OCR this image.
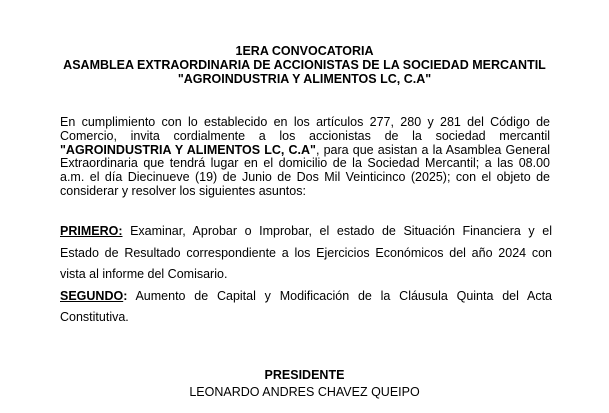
1ERA CONVOCATORIA
ASAMBLEA EXTRAORDINARIA DE ACCIONISTAS DE LA SOCIEDAD MERCANTIL
"AGROINDUSTRIA Y ALIMENTOS LC, C.A"
En cumplimiento con lo establecido en los artículos 277, 280 y 281 del Código de
Comercio, invita cordialmente a los accionistas de la sociedad mercantil
"AGROINDUSTRIA Y ALIMENTOS LC, C.A", para que asistan a la Asamblea General
Extraordinaria que tendrá lugar en el domicilio de la Sociedad Mercantil; a las 08.00
a.m. el día Diecinueve (19) de Junio de Dos Mil Veinticinco (2025); con el objeto de
considerar y resolver los siguientes asuntos:
PRIMERO: Examinar, Aprobar o Improbar, el estado de Situación Financiera y el
Estado de Resultado correspondiente a los Ejercicios Económicos del año 2024 con
vista al informe del Comisario.
SEGUNDO: Aumento de Capital y Modificación de la Cláusula Quinta del Acta
Constitutiva.
PRESIDENTE
LEONARDO ANDRES CHAVEZ QUEIPO
